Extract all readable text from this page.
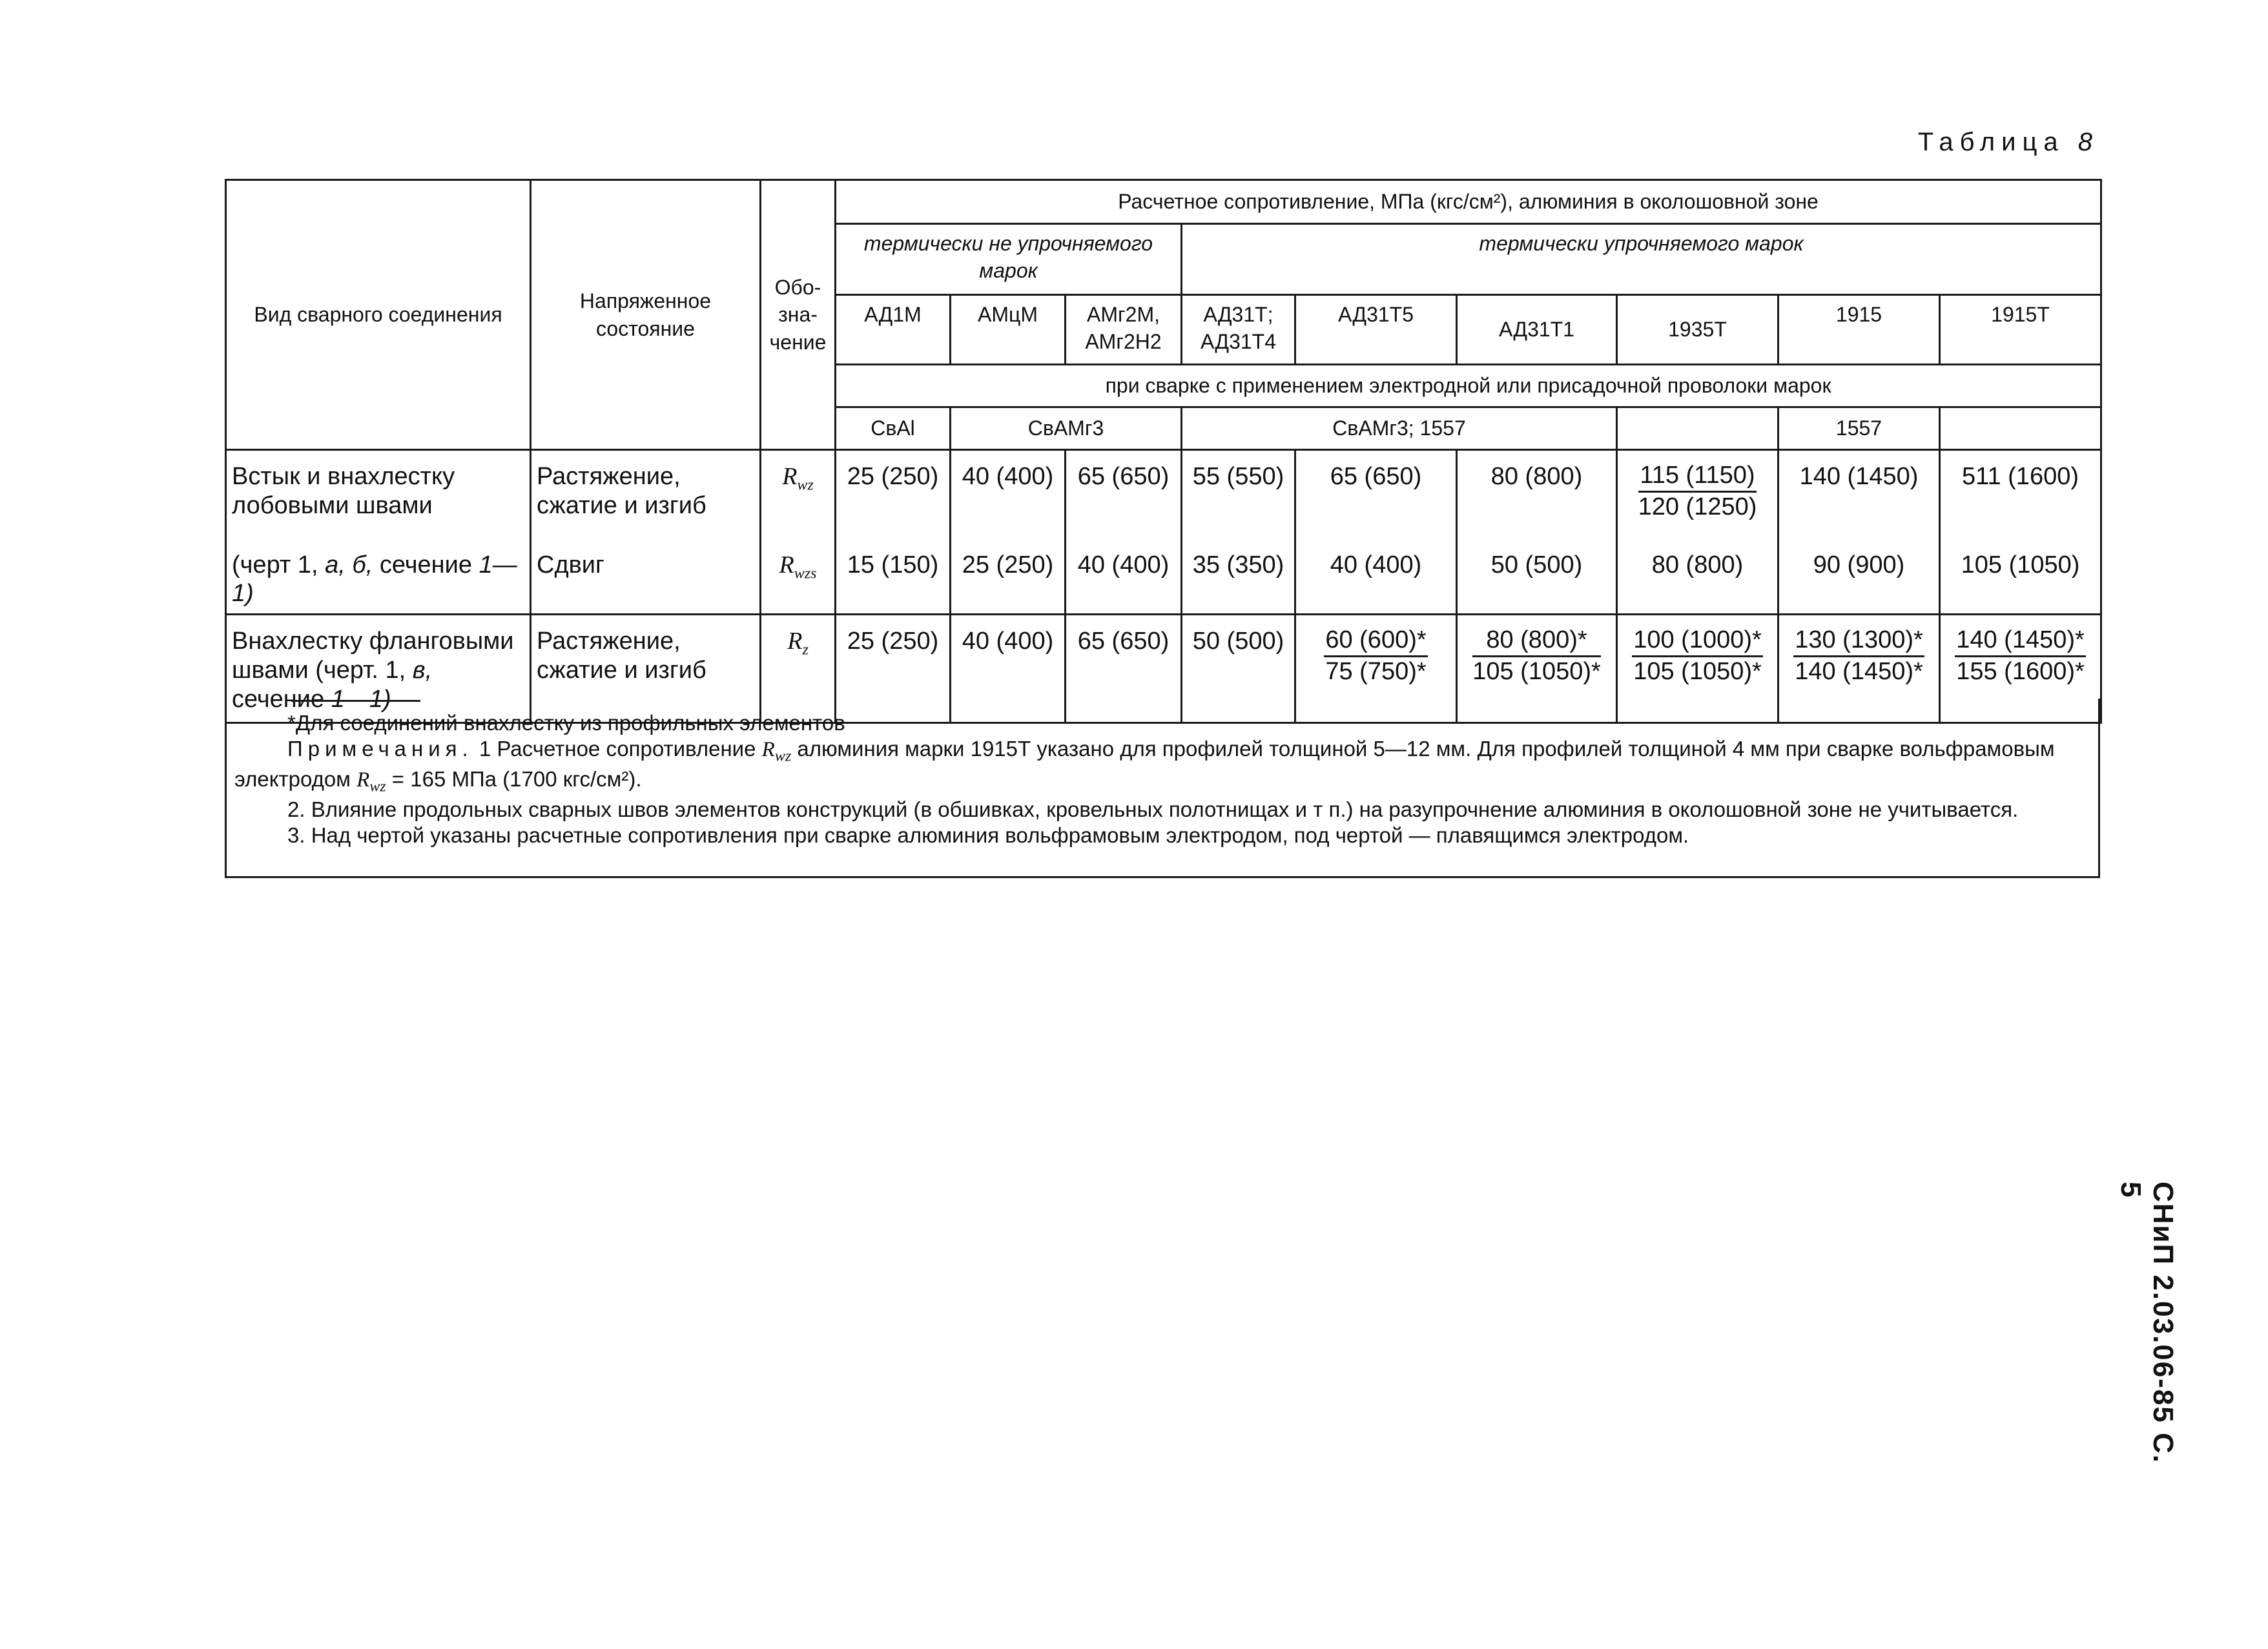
Таблица 8
Вид сварного соединения	Напряженное состояние	Обо-зна-чение	Расчетное сопротивление, МПа (кгс/см²), алюминия в околошовной зоне								
			термически не упрочняемого марок			термически упрочняемого марок					
			АД1М	АМцМ	АМг2М, АМг2Н2	АД31Т; АД31Т4	АД31Т5	АД31Т1	1935Т	1915	1915Т
			при сварке с применением электродной или присадочной проволоки марок								
			СвАl	СвАМг3		СвАМг3; 1557				1557	
Встык и внахлестку лобовыми швами	Растяжение, сжатие и изгиб	$R_{wz}$	25 (250)	40 (400)	65 (650)	55 (550)	65 (650)	80 (800)	$\frac{115 (1150)}{120 (1250)}$	140 (1450)	511 (1600)
(черт 1, а, б, сечение 1—1)	Сдвиг	$R_{wzs}$	15 (150)	25 (250)	40 (400)	35 (350)	40 (400)	50 (500)	80 (800)	90 (900)	105 (1050)
Внахлестку фланговыми швами (черт. 1, в, сечение 1—1)	Растяжение, сжатие и изгиб	$R_z$	25 (250)	40 (400)	65 (650)	50 (500)	$\frac{60 (600)*}{75 (750)*}$	$\frac{80 (800)*}{105 (1050)*}$	$\frac{100 (1000)*}{105 (1050)*}$	$\frac{130 (1300)*}{140 (1450)*}$	$\frac{140 (1450)*}{155 (1600)*}$

*Для соединений внахлестку из профильных элементов

Примечания. 1 Расчетное сопротивление $R_{wz}$ алюминия марки 1915Т указано для профилей толщиной 5—12 мм. Для профилей толщиной 4 мм при сварке вольфрамовым электродом $R_{wz} = 165$ МПа (1700 кгс/см²).

2. Влияние продольных сварных швов элементов конструкций (в обшивках, кровельных полотнищах и т п.) на разупрочнение алюминия в околошовной зоне не учитывается.

3. Над чертой указаны расчетные сопротивления при сварке алюминия вольфрамовым электродом, под чертой — плавящимся электродом.

СНиП 2.03.06-85 С. 5
